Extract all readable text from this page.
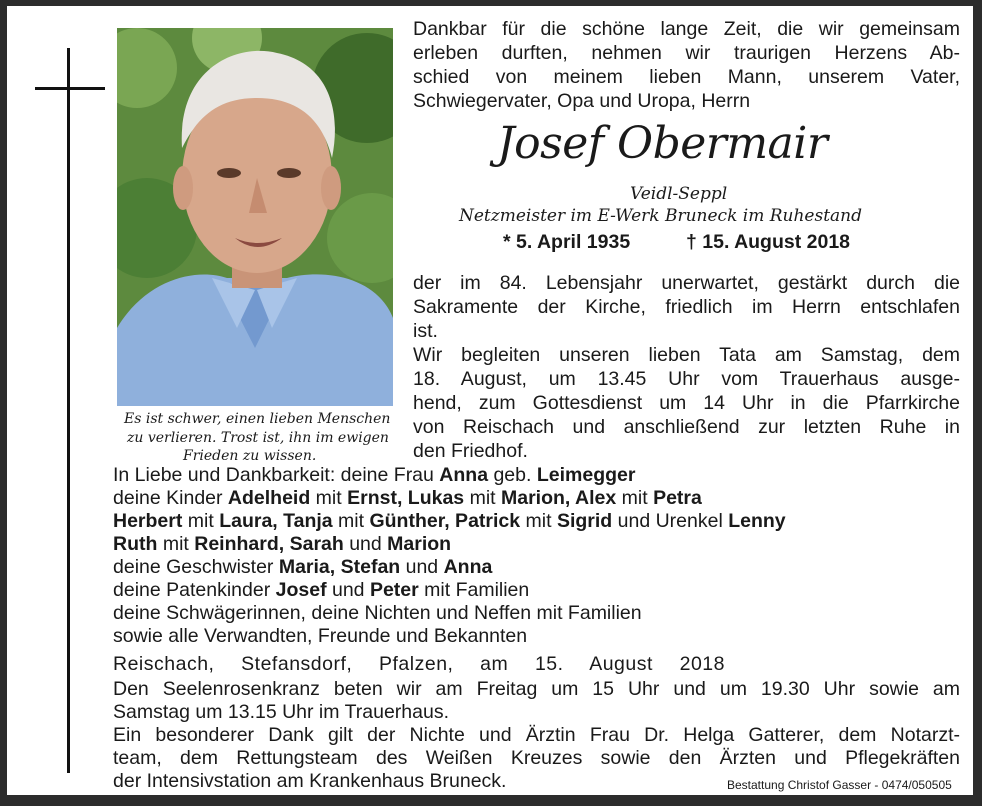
Es ist schwer, einen lieben Menschen
zu verlieren. Trost ist, ihn im ewigen
Frieden zu wissen.
Dankbar für die schöne lange Zeit, die wir gemeinsam
erleben durften, nehmen wir traurigen Herzens Ab-
schied von meinem lieben Mann, unserem Vater,
Schwiegervater, Opa und Uropa, Herrn
Josef Obermair
Veidl-Seppl
Netzmeister im E-Werk Bruneck im Ruhestand
* 5. April 1935	† 15. August 2018
der im 84. Lebensjahr unerwartet, gestärkt durch die
Sakramente der Kirche, friedlich im Herrn entschlafen
ist.
Wir begleiten unseren lieben Tata am Samstag, dem
18. August, um 13.45 Uhr vom Trauerhaus ausge-
hend, zum Gottesdienst um 14 Uhr in die Pfarrkirche
von Reischach und anschließend zur letzten Ruhe in
den Friedhof.
In Liebe und Dankbarkeit: deine Frau Anna geb. Leimegger
deine Kinder Adelheid mit Ernst, Lukas mit Marion, Alex mit Petra
Herbert mit Laura, Tanja mit Günther, Patrick mit Sigrid und Urenkel Lenny
Ruth mit Reinhard, Sarah und Marion
deine Geschwister Maria, Stefan und Anna
deine Patenkinder Josef und Peter mit Familien
deine Schwägerinnen, deine Nichten und Neffen mit Familien
sowie alle Verwandten, Freunde und Bekannten
Reischach, Stefansdorf, Pfalzen, am 15. August 2018
Den Seelenrosenkranz beten wir am Freitag um 15 Uhr und um 19.30 Uhr sowie am
Samstag um 13.15 Uhr im Trauerhaus.
Ein besonderer Dank gilt der Nichte und Ärztin Frau Dr. Helga Gatterer, dem Notarzt-
team, dem Rettungsteam des Weißen Kreuzes sowie den Ärzten und Pflegekräften
der Intensivstation am Krankenhaus Bruneck.	Bestattung Christof Gasser - 0474/050505
